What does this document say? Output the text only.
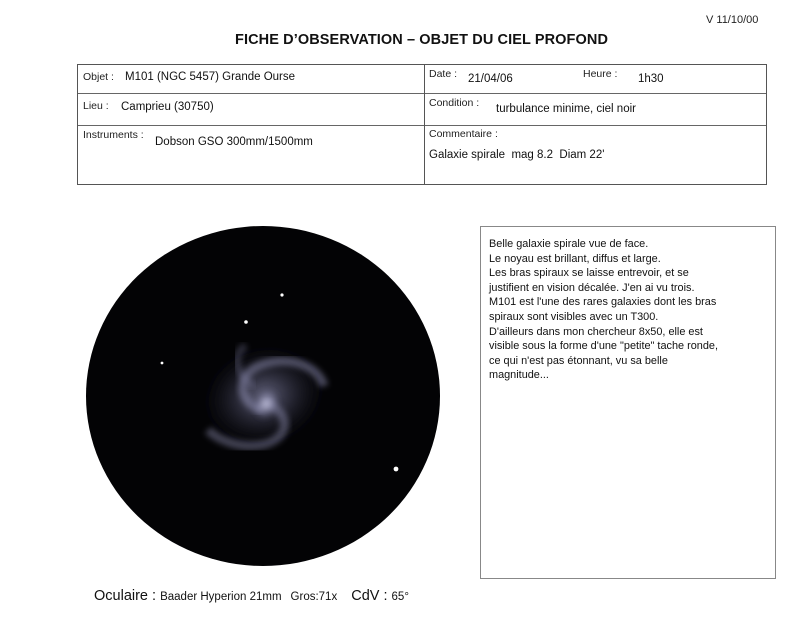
V 11/10/00
FICHE D’OBSERVATION – OBJET DU CIEL PROFOND
Objet : M101 (NGC 5457) Grande Ourse	Date : 21/04/06	Heure : 1h30
Lieu : Camprieu (30750)	Condition : turbulance minime, ciel noir
Instruments :
Dobson GSO 300mm/1500mm
Commentaire :
Galaxie spirale  mag 8.2  Diam 22'
Belle galaxie spirale vue de face.
Le noyau est brillant, diffus et large.
Les bras spiraux se laisse entrevoir, et se
justifient en vision décalée. J'en ai vu trois.
M101 est l'une des rares galaxies dont les bras
spiraux sont visibles avec un T300.
D'ailleurs dans mon chercheur 8x50, elle est
visible sous la forme d'une "petite" tache ronde,
ce qui n'est pas étonnant, vu sa belle
magnitude...
Oculaire : Baader Hyperion 21mm Gros:71x CdV : 65°
